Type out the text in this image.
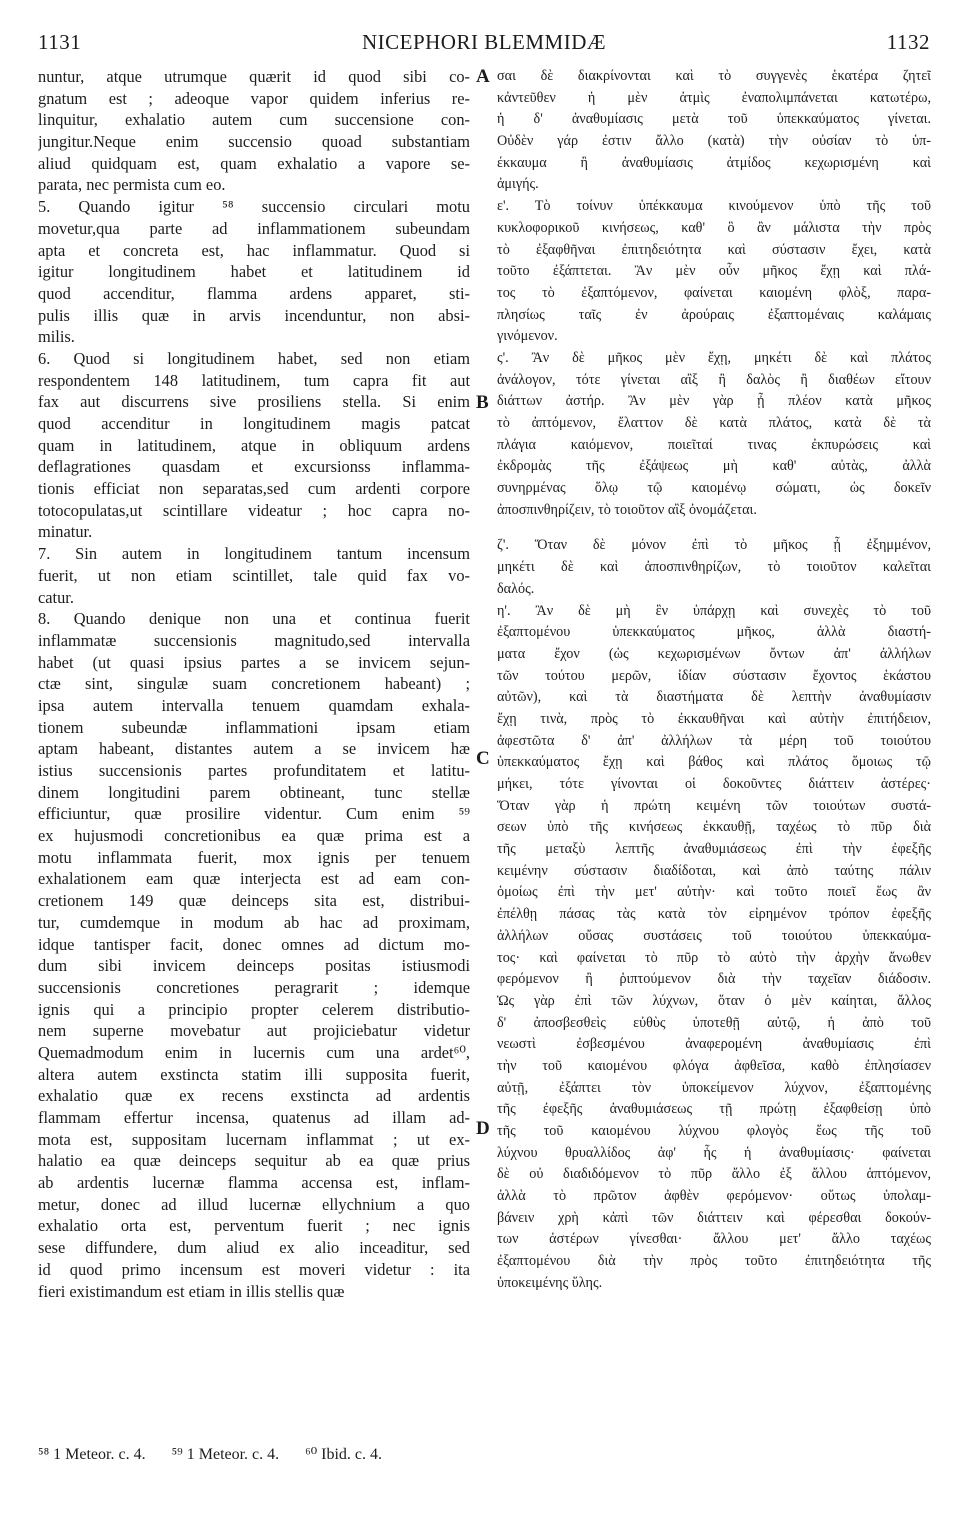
1131	NICEPHORI BLEMMIDÆ	1132
nuntur, atque utrumque quærit id quod sibi co-
gnatum est ; adeoque vapor quidem inferius re-
linquitur, exhalatio autem cum succensione con-
jungitur.Neque enim succensio quoad substantiam
aliud quidquam est, quam exhalatio a vapore se-
parata, nec permista cum eo.
5. Quando igitur ⁵⁸ succensio circulari motu
movetur,qua parte ad inflammationem subeundam
apta et concreta est, hac inflammatur. Quod si
igitur longitudinem habet et latitudinem id
quod accenditur, flamma ardens apparet, sti-
pulis illis quæ in arvis incenduntur, non absi-
milis.
6. Quod si longitudinem habet, sed non etiam
respondentem 148 latitudinem, tum capra fit aut
fax aut discurrens sive prosiliens stella. Si enim
quod accenditur in longitudinem magis patcat
quam in latitudinem, atque in obliquum ardens
deflagrationes quasdam et excursionss inflamma-
tionis efficiat non separatas,sed cum ardenti corpore
totocopulatas,ut scintillare videatur ; hoc capra no-
minatur.
7. Sin autem in longitudinem tantum incensum
fuerit, ut non etiam scintillet, tale quid fax vo-
catur.
8. Quando denique non una et continua fuerit
inflammatæ succensionis magnitudo,sed intervalla
habet (ut quasi ipsius partes a se invicem sejun-
ctæ sint, singulæ suam concretionem habeant) ;
ipsa autem intervalla tenuem quamdam exhala-
tionem subeundæ inflammationi ipsam etiam
aptam habeant, distantes autem a se invicem hæ
istius succensionis partes profunditatem et latitu-
dinem longitudini parem obtineant, tunc stellæ
efficiuntur, quæ prosilire videntur. Cum enim ⁵⁹
ex hujusmodi concretionibus ea quæ prima est a
motu inflammata fuerit, mox ignis per tenuem
exhalationem eam quæ interjecta est ad eam con-
cretionem 149 quæ deinceps sita est, distribui-
tur, cumdemque in modum ab hac ad proximam,
idque tantisper facit, donec omnes ad dictum mo-
dum sibi invicem deinceps positas istiusmodi
succensionis concretiones peragrarit ; idemque
ignis qui a principio propter celerem distributio-
nem superne movebatur aut projiciebatur videtur
Quemadmodum enim in lucernis cum una ardet⁶⁰,
altera autem exstincta statim illi supposita fuerit,
exhalatio quæ ex recens exstincta ad ardentis
flammam effertur incensa, quatenus ad illam ad-
mota est, suppositam lucernam inflammat ; ut ex-
halatio ea quæ deinceps sequitur ab ea quæ prius
ab ardentis lucernæ flamma accensa est, inflam-
metur, donec ad illud lucernæ ellychnium a quo
exhalatio orta est, perventum fuerit ; nec ignis
sese diffundere, dum aliud ex alio inceaditur, sed
id quod primo incensum est moveri videtur : ita
fieri existimandum est etiam in illis stellis quæ
σαι δὲ διακρίνονται καὶ τὸ συγγενὲς ἑκατέρα ζητεῖ
κἀντεῦθεν ἡ μὲν ἀτμὶς ἐναπολιμπάνεται κατωτέρω,
ἡ δ' ἀναθυμίασις μετὰ τοῦ ὑπεκκαύματος γίνεται.
Οὐδὲν γάρ ἐστιν ἄλλο (κατὰ) τὴν οὐσίαν τὸ ὑπ-
έκκαυμα ἢ ἀναθυμίασις ἀτμίδος κεχωρισμένη καὶ
ἀμιγής.
ε'. Τὸ τοίνυν ὑπέκκαυμα κινούμενον ὑπὸ τῆς τοῦ
κυκλοφορικοῦ κινήσεως, καθ' ὃ ἂν μάλιστα τὴν πρὸς
τὸ ἐξαφθῆναι ἐπιτηδειότητα καὶ σύστασιν ἔχει, κατὰ
τοῦτο ἐξάπτεται. Ἂν μὲν οὖν μῆκος ἔχῃ καὶ πλά-
τος τὸ ἐξαπτόμενον, φαίνεται καιομένη φλὸξ, παρα-
πλησίως ταῖς ἐν ἀρούραις ἐξαπτομέναις καλάμαις
γινόμενον.
ς'. Ἂν δὲ μῆκος μὲν ἔχῃ, μηκέτι δὲ καὶ πλάτος
ἀνάλογον, τότε γίνεται αἲξ ἢ δαλὸς ἢ διαθέων εἴτουν
διάττων ἀστήρ. Ἂν μὲν γὰρ ᾖ πλέον κατὰ μῆκος
τὸ ἀπτόμενον, ἔλαττον δὲ κατὰ πλάτος, κατὰ δὲ τὰ
πλάγια καιόμενον, ποιεῖταί τινας ἐκπυρώσεις καὶ
ἐκδρομὰς τῆς ἐξάψεως μὴ καθ' αὐτὰς, ἀλλὰ
συνηρμένας ὅλῳ τῷ καιομένῳ σώματι, ὡς δοκεῖν
ἀποσπινθηρίζειν, τὸ τοιοῦτον αἲξ ὀνομάζεται.
ζ'. Ὅταν δὲ μόνον ἐπὶ τὸ μῆκος ᾖ ἐξημμένον,
μηκέτι δὲ καὶ ἀποσπινθηρίζων, τὸ τοιοῦτον καλεῖται
δαλός.
η'. Ἂν δὲ μὴ ἓν ὑπάρχῃ καὶ συνεχὲς τὸ τοῦ
ἐξαπτομένου ὑπεκκαύματος μῆκος, ἀλλὰ διαστή-
ματα ἔχον (ὡς κεχωρισμένων ὄντων ἀπ' ἀλλήλων
τῶν τούτου μερῶν, ἰδίαν σύστασιν ἔχοντος ἑκάστου
αὐτῶν), καὶ τὰ διαστήματα δὲ λεπτὴν ἀναθυμίασιν
ἔχῃ τινὰ, πρὸς τὸ ἐκκαυθῆναι καὶ αὐτὴν ἐπιτήδειον,
ἀφεστῶτα δ' ἀπ' ἀλλήλων τὰ μέρη τοῦ τοιούτου
ὑπεκκαύματος ἔχῃ καὶ βάθος καὶ πλάτος ὅμοιως τῷ
μήκει, τότε γίνονται οἱ δοκοῦντες διάττειν ἀστέρες·
Ὅταν γὰρ ἡ πρώτη κειμένη τῶν τοιούτων συστά-
σεων ὑπὸ τῆς κινήσεως ἐκκαυθῇ, ταχέως τὸ πῦρ διὰ
τῆς μεταξὺ λεπτῆς ἀναθυμιάσεως ἐπὶ τὴν ἐφεξῆς
κειμένην σύστασιν διαδίδοται, καὶ ἀπὸ ταύτης πάλιν
ὁμοίως ἐπὶ τὴν μετ' αὐτὴν· καὶ τοῦτο ποιεῖ ἕως ἂν
ἐπέλθῃ πάσας τὰς κατὰ τὸν εἰρημένον τρόπον ἐφεξῆς
ἀλλήλων οὔσας συστάσεις τοῦ τοιούτου ὑπεκκαύμα-
τος· καὶ φαίνεται τὸ πῦρ τὸ αὐτὸ τὴν ἀρχὴν ἄνωθεν
φερόμενον ἢ ῥιπτούμενον διὰ τὴν ταχεῖαν διάδοσιν.
Ὡς γὰρ ἐπὶ τῶν λύχνων, ὅταν ὁ μὲν καίηται, ἄλλος
δ' ἀποσβεσθεὶς εὐθὺς ὑποτεθῇ αὐτῷ, ἡ ἀπὸ τοῦ
νεωστὶ ἐσβεσμένου ἀναφερομένη ἀναθυμίασις ἐπὶ
τὴν τοῦ καιομένου φλόγα ἀφθεῖσα, καθὸ ἐπλησίασεν
αὐτῇ, ἐξάπτει τὸν ὑποκείμενον λύχνον, ἐξαπτομένης
τῆς ἐφεξῆς ἀναθυμιάσεως τῇ πρώτῃ ἐξαφθείσῃ ὑπὸ
τῆς τοῦ καιομένου λύχνου φλογὸς ἕως τῆς τοῦ
λύχνου θρυαλλίδος ἀφ' ἧς ἡ ἀναθυμίασις· φαίνεται
δὲ οὐ διαδιδόμενον τὸ πῦρ ἄλλο ἐξ ἄλλου ἁπτόμενον,
ἀλλὰ τὸ πρῶτον ἀφθὲν φερόμενον· οὕτως ὑπολαμ-
βάνειν χρὴ κἀπὶ τῶν διάττειν καὶ φέρεσθαι δοκούν-
των ἀστέρων γίνεσθαι· ἄλλου μετ' ἄλλο ταχέως
ἐξαπτομένου διὰ τὴν πρὸς τοῦτο ἐπιτηδειότητα τῆς
ὑποκειμένης ὕλης.
A
B
C
D
⁵⁸ 1 Meteor. c. 4. ⁵⁹ 1 Meteor. c. 4. ⁶⁰ Ibid. c. 4.
